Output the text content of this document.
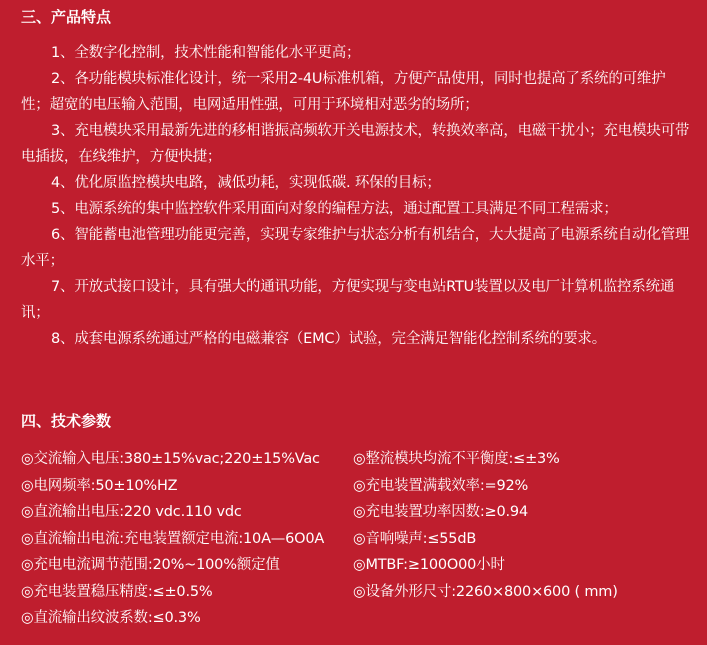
三、产品特点
1、全数字化控制，技术性能和智能化水平更高；
2、各功能模块标准化设计，统一采用2-4U标准机箱，方便产品使用，同时也提高了系统的可维护性；超宽的电压输入范围，电网适用性强，可用于环境相对恶劣的场所；
3、充电模块采用最新先进的移相谐振高频软开关电源技术，转换效率高，电磁干扰小；充电模块可带电插拔，在线维护，方便快捷；
4、优化原监控模块电路，减低功耗，实现低碳. 环保的目标；
5、电源系统的集中监控软件采用面向对象的编程方法，通过配置工具满足不同工程需求；
6、智能蓄电池管理功能更完善，实现专家维护与状态分析有机结合，大大提高了电源系统自动化管理水平；
7、开放式接口设计，具有强大的通讯功能，方便实现与变电站RTU装置以及电厂计算机监控系统通讯；
8、成套电源系统通过严格的电磁兼容（EMC）试验，完全满足智能化控制系统的要求。
四、技术参数
◎交流输入电压:380±15%vac;220±15%Vac	◎整流模块均流不平衡度:≤±3%
◎电网频率:50±10%HZ	◎充电装置满载效率:=92%
◎直流输出电压:220 vdc.110 vdc	◎充电装置功率因数:≥0.94
◎直流输出电流:充电装置额定电流:10A—6O0A	◎音响噪声:≤55dB
◎充电电流调节范围:20%~100%额定值	◎MTBF:≥100O00小时
◎充电装置稳压精度:≤±0.5%	◎设备外形尺寸:2260×800×600 ( mm)
◎直流输出纹波系数:≤0.3%
